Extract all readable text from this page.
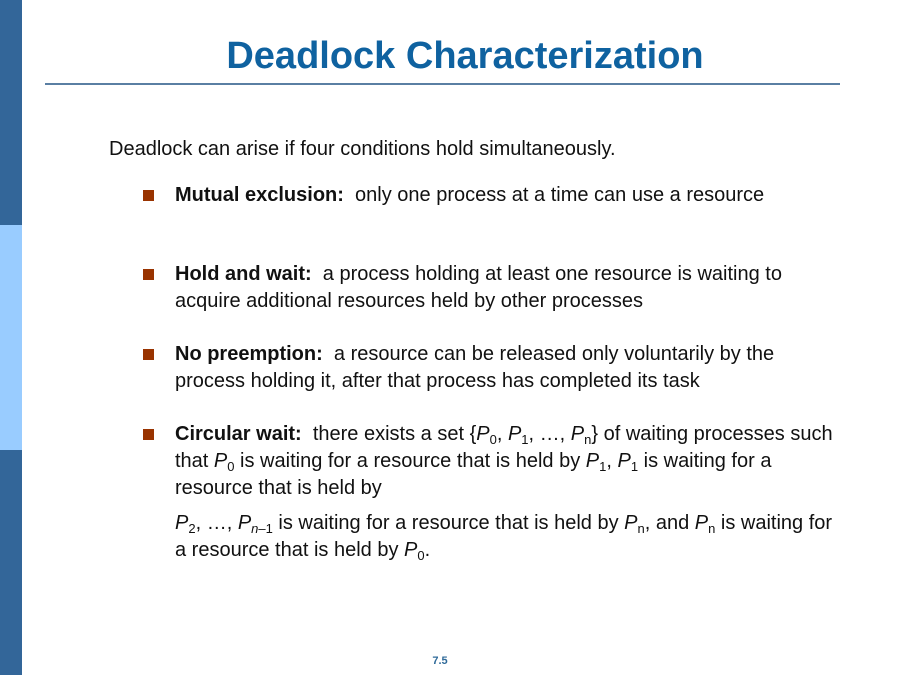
Deadlock Characterization
Deadlock can arise if four conditions hold simultaneously.
Mutual exclusion: only one process at a time can use a resource
Hold and wait: a process holding at least one resource is waiting to acquire additional resources held by other processes
No preemption: a resource can be released only voluntarily by the process holding it, after that process has completed its task
Circular wait: there exists a set {$P_0$, $P_1$, …, $P_n$} of waiting processes such that $P_0$ is waiting for a resource that is held by $P_1$, $P_1$ is waiting for a resource that is held by
$P_2$, …, $P_{n-1}$ is waiting for a resource that is held by $P_n$, and $P_n$ is waiting for a resource that is held by $P_0$.
7.5
